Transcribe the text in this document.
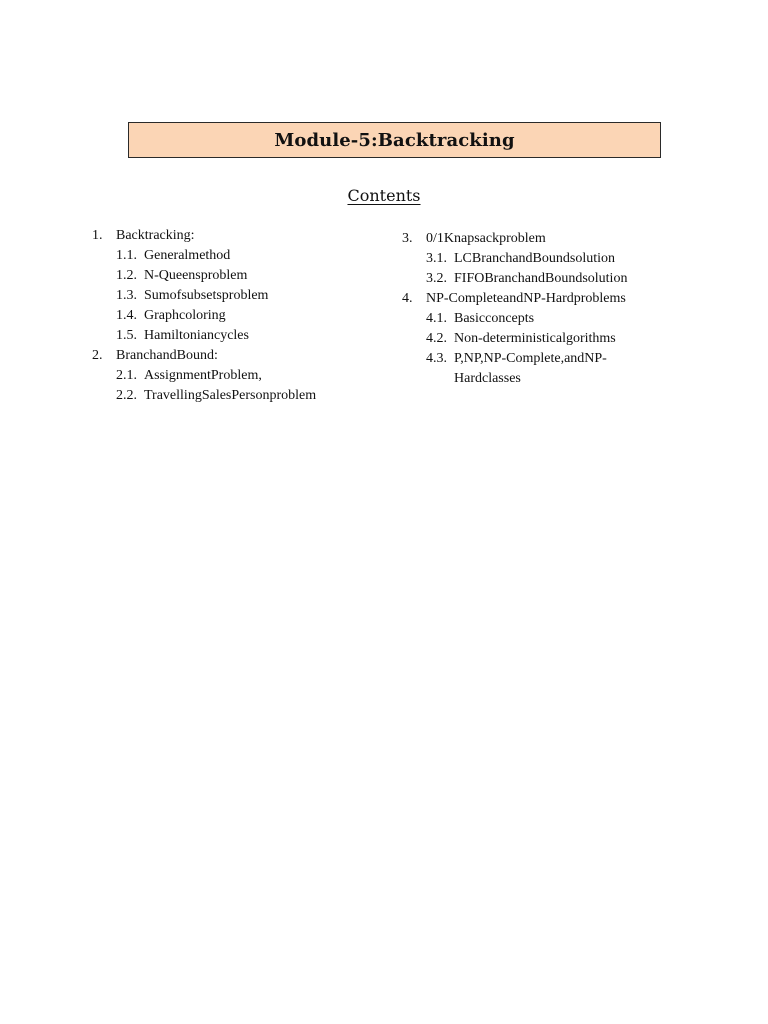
Module-5:Backtracking
Contents
1. Backtracking:
1.1. Generalmethod
1.2. N-Queensproblem
1.3. Sumofsubsetsproblem
1.4. Graphcoloring
1.5. Hamiltoniancycles
2. BranchandBound:
2.1. AssignmentProblem,
2.2. TravellingSalesPersonproblem
3. 0/1Knapsackproblem
3.1. LCBranchandBoundsolution
3.2. FIFOBranchandBoundsolution
4. NP-CompleteandNP-Hardproblems
4.1. Basicconcepts
4.2. Non-deterministicalgorithms
4.3. P,NP,NP-Complete,andNP-Hardclasses
